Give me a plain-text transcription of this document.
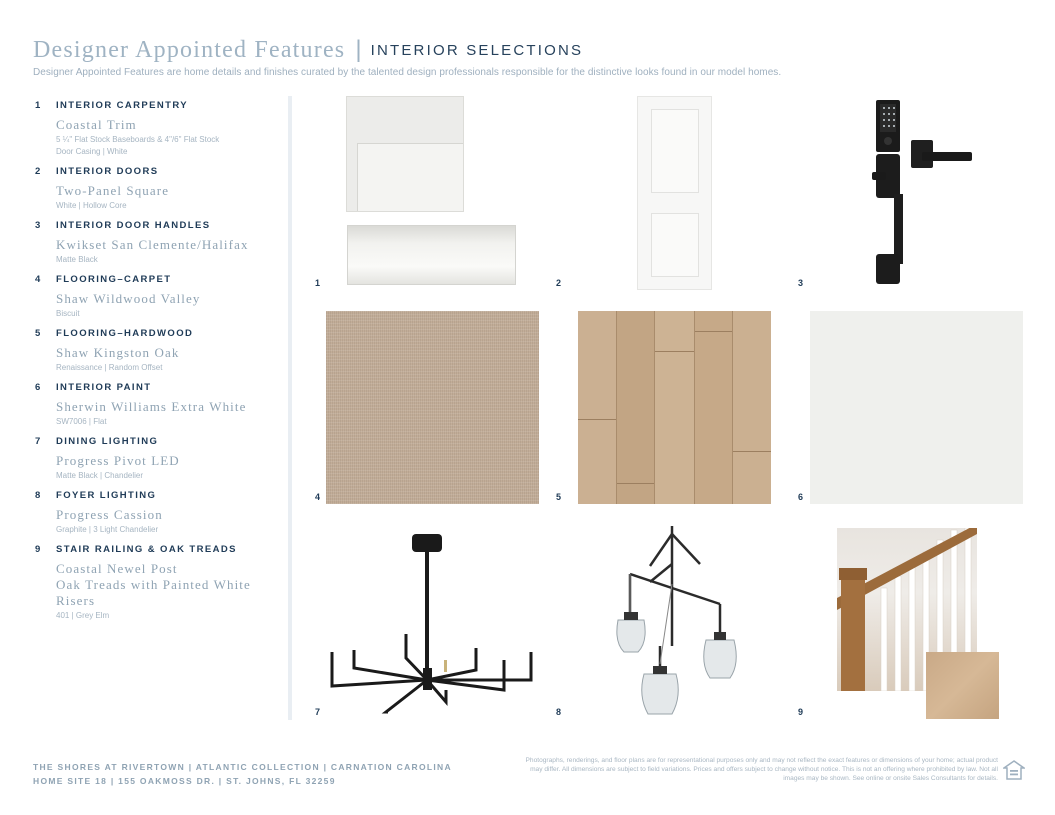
Designer Appointed Features | INTERIOR SELECTIONS
Designer Appointed Features are home details and finishes curated by the talented design professionals responsible for the distinctive looks found in our model homes.
1	INTERIOR CARPENTRY
Coastal Trim
5 ¼" Flat Stock Baseboards & 4"/6" Flat Stock
Door Casing | White
2	INTERIOR DOORS
Two-Panel Square
White | Hollow Core
3	INTERIOR DOOR HANDLES
Kwikset San Clemente/Halifax
Matte Black
4	FLOORING–CARPET
Shaw Wildwood Valley
Biscuit
5	FLOORING–HARDWOOD
Shaw Kingston Oak
Renaissance | Random Offset
6	INTERIOR PAINT
Sherwin Williams Extra White
SW7006 | Flat
7	DINING LIGHTING
Progress Pivot LED
Matte Black | Chandelier
8	FOYER LIGHTING
Progress Cassion
Graphite | 3 Light Chandelier
9	STAIR RAILING & OAK TREADS
Coastal Newel Post
Oak Treads with Painted White Risers
401 | Grey Elm
1	2	3
4	5	6
7	8	9
THE SHORES AT RIVERTOWN | ATLANTIC COLLECTION | CARNATION CAROLINA
HOME SITE 18 | 155 OAKMOSS DR. | ST. JOHNS, FL 32259
Photographs, renderings, and floor plans are for representational purposes only and may not reflect the exact features or dimensions of your home; actual product may differ. All dimensions are subject to field variations. Prices and offers subject to change without notice. This is not an offering where prohibited by law. Not all images may be shown. See online or onsite Sales Consultants for details.
